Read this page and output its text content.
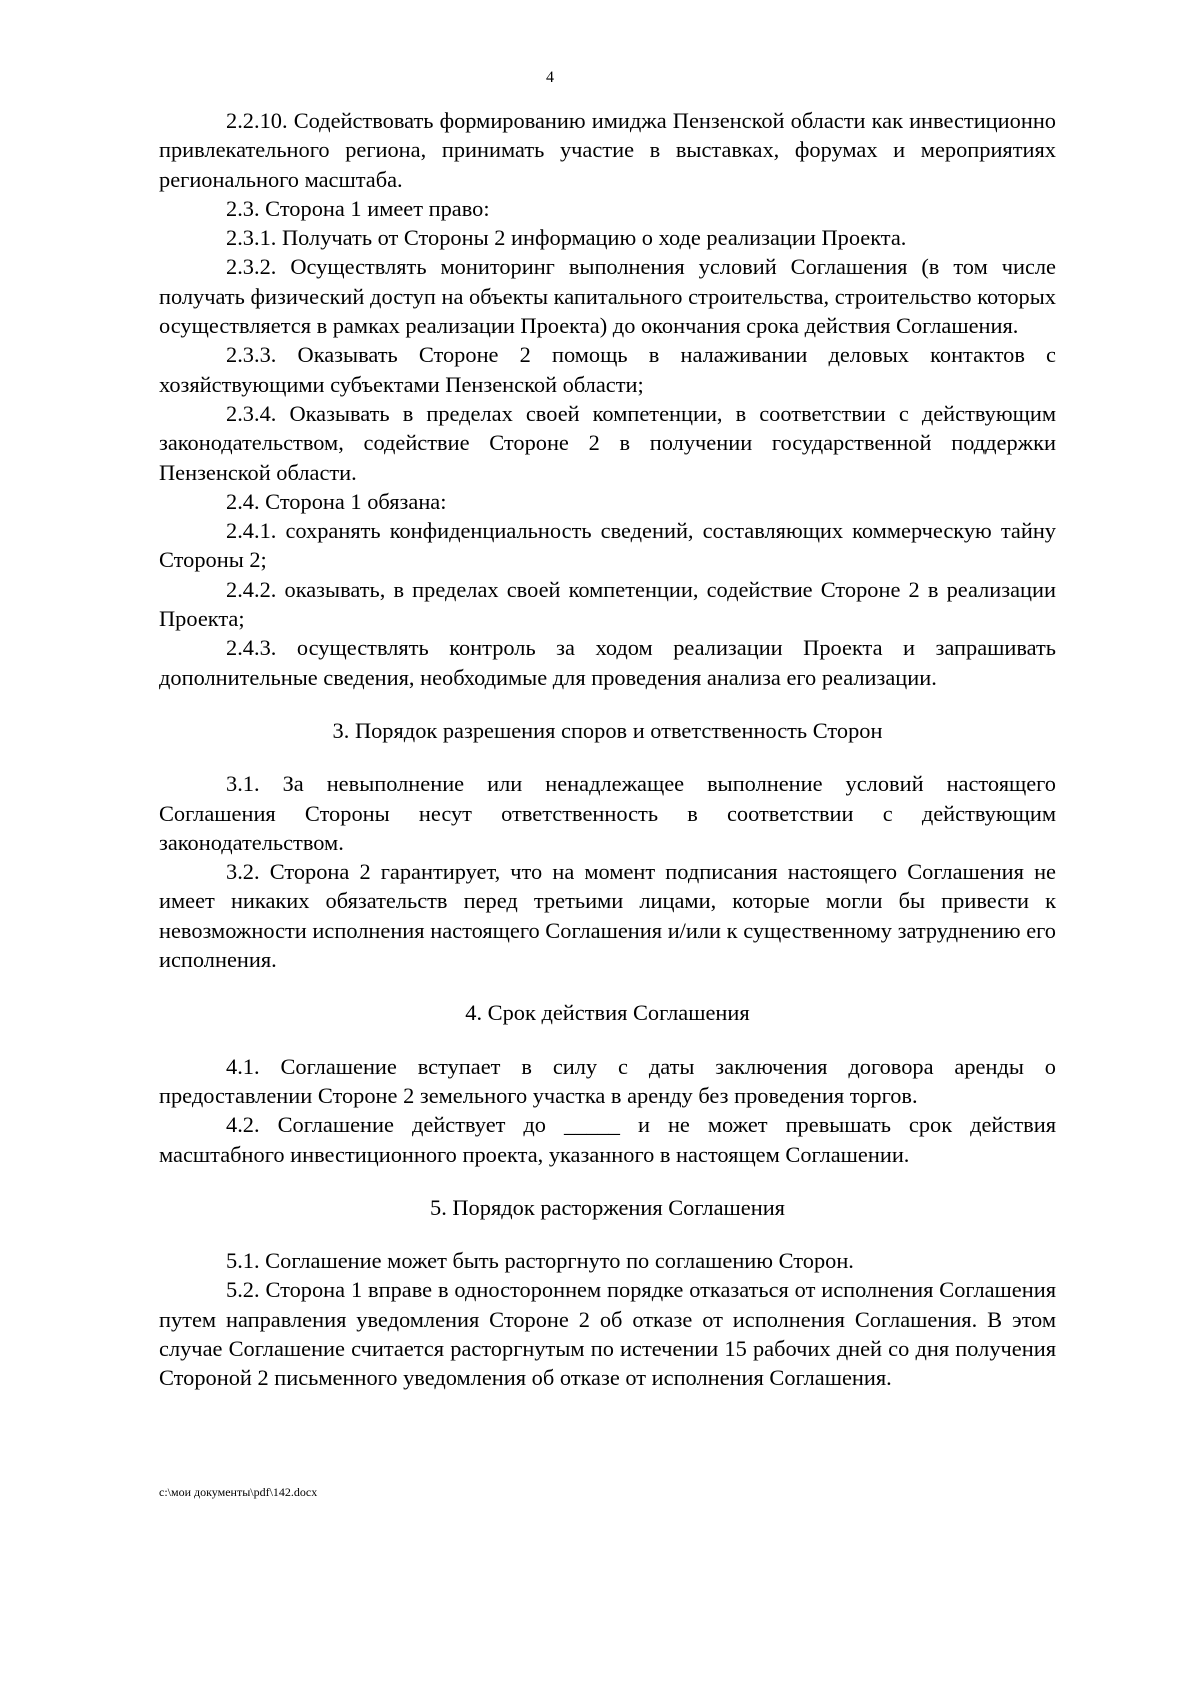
4

2.2.10. Содействовать формированию имиджа Пензенской области как инвестиционно привлекательного региона, принимать участие в выставках, форумах и мероприятиях регионального масштаба.

2.3. Сторона 1 имеет право:

2.3.1. Получать от Стороны 2 информацию о ходе реализации Проекта.

2.3.2. Осуществлять мониторинг выполнения условий Соглашения (в том числе получать физический доступ на объекты капитального строительства, строительство которых осуществляется в рамках реализации Проекта) до окончания срока действия Соглашения.

2.3.3. Оказывать Стороне 2 помощь в налаживании деловых контактов с хозяйствующими субъектами Пензенской области;

2.3.4. Оказывать в пределах своей компетенции, в соответствии с действующим законодательством, содействие Стороне 2 в получении государственной поддержки Пензенской области.

2.4. Сторона 1 обязана:

2.4.1. сохранять конфиденциальность сведений, составляющих коммерческую тайну Стороны 2;

2.4.2. оказывать, в пределах своей компетенции, содействие Стороне 2 в реализации Проекта;

2.4.3. осуществлять контроль за ходом реализации Проекта и запрашивать дополнительные сведения, необходимые для проведения анализа его реализации.

3. Порядок разрешения споров и ответственность Сторон

3.1. За невыполнение или ненадлежащее выполнение условий настоящего Соглашения Стороны несут ответственность в соответствии с действующим законодательством.

3.2. Сторона 2 гарантирует, что на момент подписания настоящего Соглашения не имеет никаких обязательств перед третьими лицами, которые могли бы привести к невозможности исполнения настоящего Соглашения и/или к существенному затруднению его исполнения.

4. Срок действия Соглашения

4.1. Соглашение вступает в силу с даты заключения договора аренды о предоставлении Стороне 2 земельного участка в аренду без проведения торгов.

4.2. Соглашение действует до _____ и не может превышать срок действия масштабного инвестиционного проекта, указанного в настоящем Соглашении.

5. Порядок расторжения Соглашения

5.1. Соглашение может быть расторгнуто по соглашению Сторон.

5.2. Сторона 1 вправе в одностороннем порядке отказаться от исполнения Соглашения путем направления уведомления Стороне 2 об отказе от исполнения Соглашения. В этом случае Соглашение считается расторгнутым по истечении 15 рабочих дней со дня получения Стороной 2 письменного уведомления об отказе от исполнения Соглашения.

c:\мои документы\pdf\142.docx
